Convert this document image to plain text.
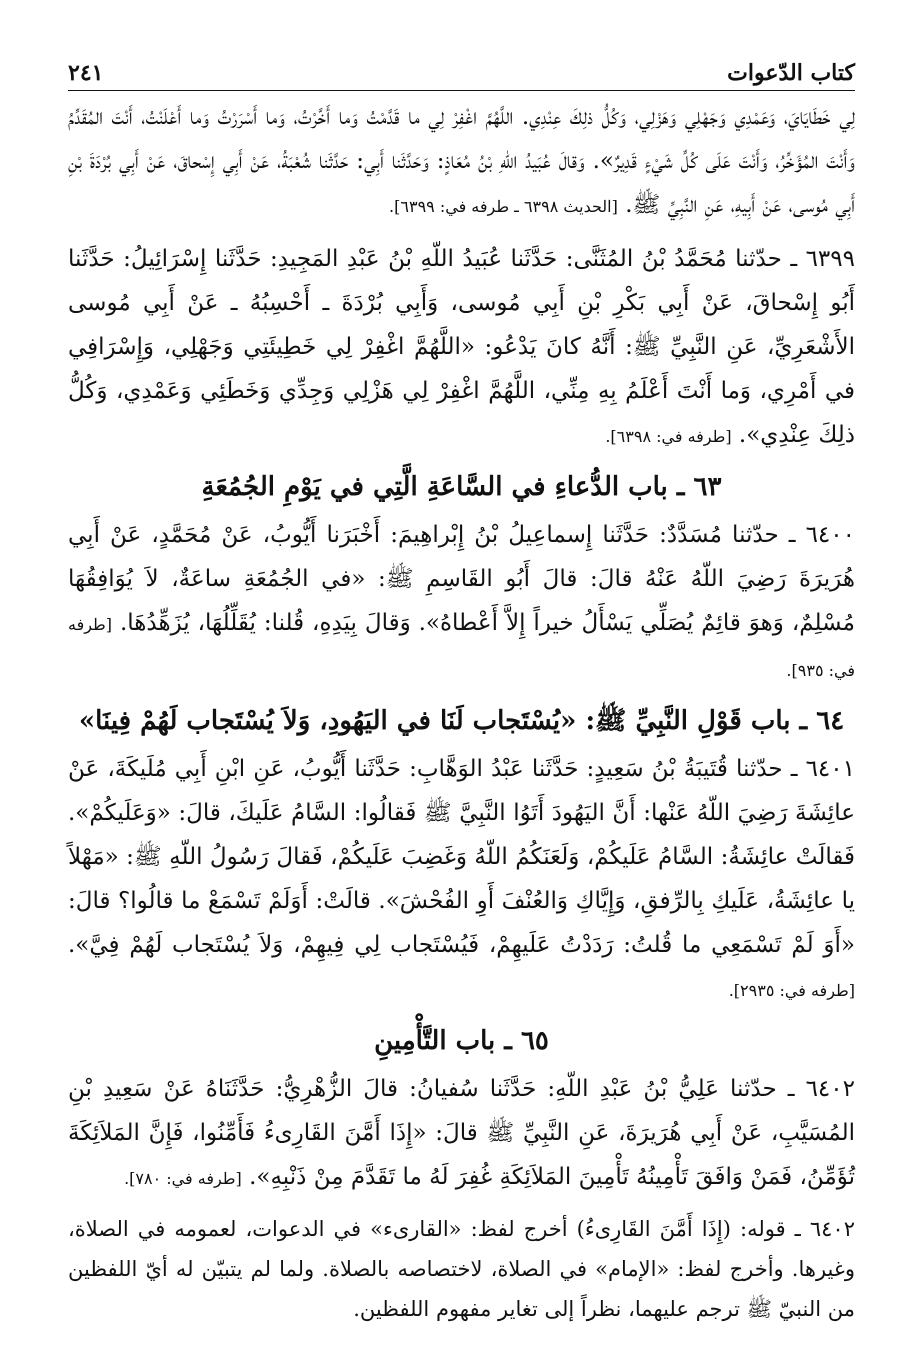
كتاب الدّعوات
٢٤١

لِي خَطَايَايَ، وَعَمْدِي وَجَهْلِي وَهَزْلِي، وَكُلُّ ذلِكَ عِنْدِي. اللَّهُمَّ اغْفِرْ لِي ما قَدَّمْتُ وَما أَخَّرْتُ، وَما أَسْرَرْتُ وَما أَعْلَنْتُ، أَنْتَ المُقَدِّمُ وَأَنْتَ المُؤَخِّرُ، وَأَنْتَ عَلَى كُلِّ شَيْءٍ قَدِيرٌ». وَقالَ عُبَيدُ اللّهِ بْنُ مُعَاذٍ: وَحَدَّثَنا أَبِي: حَدَّثَنا شُعْبَةُ، عَنْ أَبِي إِسْحاقَ، عَنْ أَبِي بُرْدَةَ بْنِ أَبِي مُوسى، عَنْ أَبِيهِ، عَنِ النَّبِيِّ ﷺ. [الحديث ٦٣٩٨ ـ طرفه في: ٦٣٩٩].

٦٣٩٩ ـ حدّثنا مُحَمَّدُ بْنُ المُثَنَّى: حَدَّثَنا عُبَيدُ اللّهِ بْنُ عَبْدِ المَجِيدِ: حَدَّثَنا إِسْرَائِيلُ: حَدَّثَنا أَبُو إِسْحاقَ، عَنْ أَبِي بَكْرِ بْنِ أَبِي مُوسى، وَأَبِي بُرْدَةَ ـ أَحْسِبُهُ ـ عَنْ أَبِي مُوسى الأَشْعَرِيِّ، عَنِ النَّبِيِّ ﷺ: أَنَّهُ كانَ يَدْعُو: «اللَّهُمَّ اغْفِرْ لِي خَطِيئَتِي وَجَهْلِي، وَإِسْرَافِي في أَمْرِي، وَما أَنْتَ أَعْلَمُ بِهِ مِنِّي، اللَّهُمَّ اغْفِرْ لِي هَزْلِي وَجِدِّي وَخَطَئِي وَعَمْدِي، وَكُلُّ ذلِكَ عِنْدِي». [طرفه في: ٦٣٩٨].

٦٣ ـ باب الدُّعاءِ في السَّاعَةِ الَّتِي في يَوْمِ الجُمُعَةِ

٦٤٠٠ ـ حدّثنا مُسَدَّدٌ: حَدَّثَنا إِسماعِيلُ بْنُ إِبْراهِيمَ: أَخْبَرَنا أَيُّوبُ، عَنْ مُحَمَّدٍ، عَنْ أَبِي هُرَيرَةَ رَضِيَ اللّهُ عَنْهُ قالَ: قالَ أَبُو القَاسِمِ ﷺ: «في الجُمُعَةِ ساعَةٌ، لاَ يُوَافِقُهَا مُسْلِمٌ، وَهوَ قائِمٌ يُصَلِّي يَسْأَلُ خيراً إِلاَّ أَعْطاهُ». وَقالَ بِيَدِهِ، قُلنا: يُقَلِّلُهَا، يُزَهِّدُهَا. [طرفه في: ٩٣٥].

٦٤ ـ باب قَوْلِ النَّبِيِّ ﷺ: «يُسْتَجاب لَنَا في اليَهُودِ، وَلاَ يُسْتَجاب لَهُمْ فِينَا»

٦٤٠١ ـ حدّثنا قُتَيبَةُ بْنُ سَعِيدٍ: حَدَّثَنا عَبْدُ الوَهَّابِ: حَدَّثَنا أَيُّوبُ، عَنِ ابْنِ أَبِي مُلَيكَةَ، عَنْ عائِشَةَ رَضِيَ اللّهُ عَنْها: أَنَّ اليَهُودَ أَتَوُا النَّبِيَّ ﷺ فَقالُوا: السَّامُ عَلَيكَ، قالَ: «وَعَلَيكُمْ». فَقالَتْ عائِشَةُ: السَّامُ عَلَيكُمْ، وَلَعَنَكُمُ اللّهُ وَغَضِبَ عَلَيكُمْ، فَقالَ رَسُولُ اللّهِ ﷺ: «مَهْلاً يا عائِشَةُ، عَلَيكِ بِالرِّفقِ، وَإِيَّاكِ وَالعُنْفَ أَوِ الفُحْشَ». قالَتْ: أَوَلَمْ تَسْمَعْ ما قالُوا؟ قالَ: «أَوَ لَمْ تَسْمَعِي ما قُلتُ: رَدَدْتُ عَلَيهِمْ، فَيُسْتَجاب لِي فِيهِمْ، وَلاَ يُسْتَجاب لَهُمْ فِيَّ». [طرفه في: ٢٩٣٥].

٦٥ ـ باب التَّأْمِينِ

٦٤٠٢ ـ حدّثنا عَلِيُّ بْنُ عَبْدِ اللّهِ: حَدَّثَنا سُفيانُ: قالَ الزُّهْرِيُّ: حَدَّثَنَاهُ عَنْ سَعِيدِ بْنِ المُسَيَّبِ، عَنْ أَبِي هُرَيرَةَ، عَنِ النَّبِيِّ ﷺ قالَ: «إِذَا أَمَّنَ القَارِىءُ فَأَمِّنُوا، فَإِنَّ المَلاَئِكَةَ تُؤَمِّنُ، فَمَنْ وَافَقَ تَأْمِينُهُ تَأْمِينَ المَلاَئِكَةِ غُفِرَ لَهُ ما تَقَدَّمَ مِنْ ذَنْبِهِ». [طرفه في: ٧٨٠].

٦٤٠٢ ـ قوله: (إِذَا أَمَّنَ القَارِىءُ) أخرج لفظ: «القارىء» في الدعوات، لعمومه في الصلاة، وغيرها. وأخرج لفظ: «الإمام» في الصلاة، لاختصاصه بالصلاة. ولما لم يتبيّن له أيّ اللفظين من النبيّ ﷺ ترجم عليهما، نظراً إلى تغاير مفهوم اللفظين.
